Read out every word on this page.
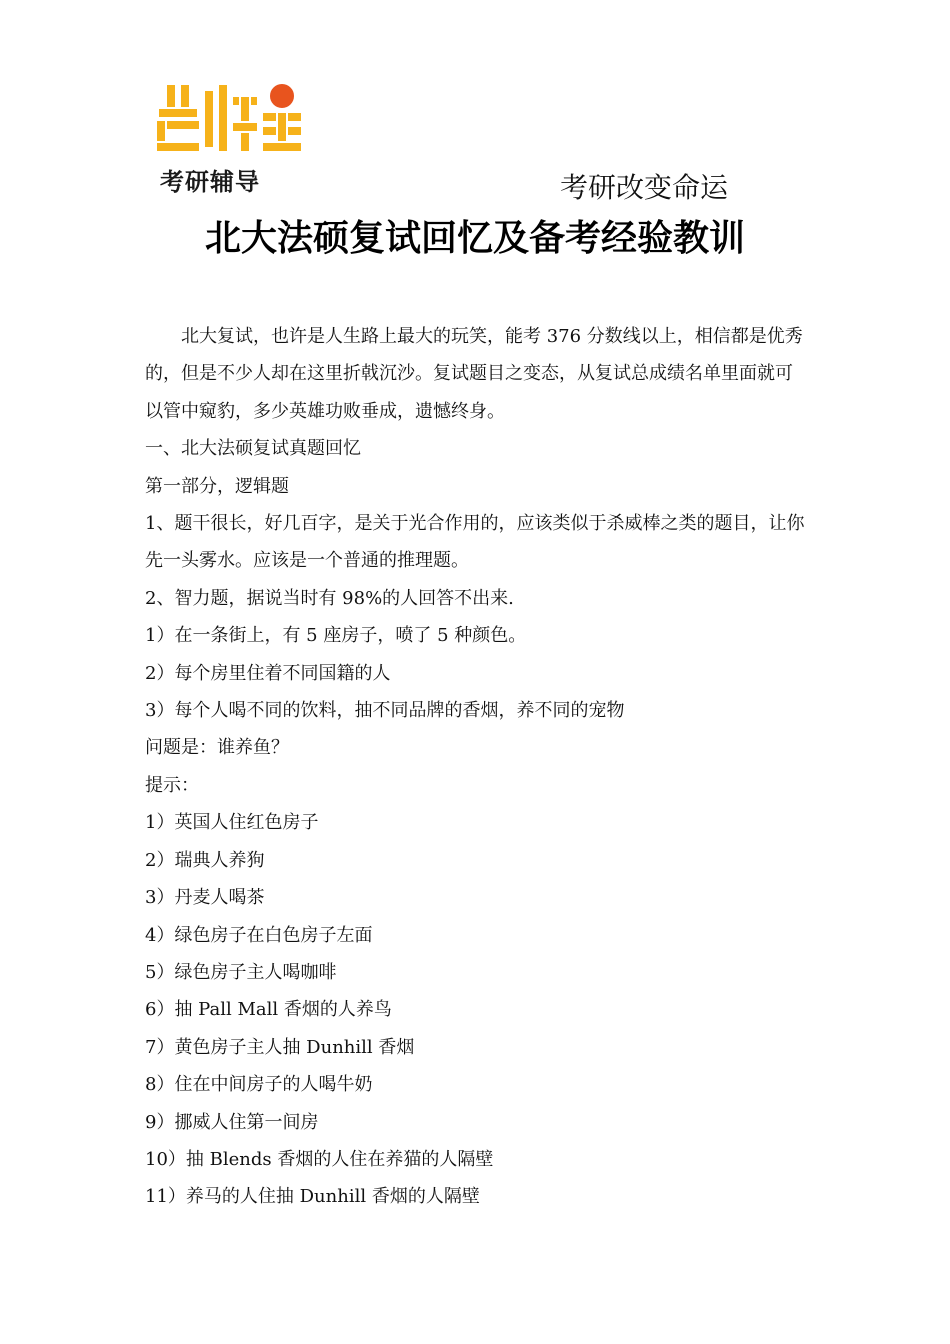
考研辅导	考研改变命运
北大法硕复试回忆及备考经验教训

北大复试，也许是人生路上最大的玩笑，能考 376 分数线以上，相信都是优秀的，但是不少人却在这里折戟沉沙。复试题目之变态，从复试总成绩名单里面就可以管中窥豹，多少英雄功败垂成，遗憾终身。

一、北大法硕复试真题回忆

第一部分，逻辑题

1、题干很长，好几百字，是关于光合作用的，应该类似于杀威棒之类的题目，让你先一头雾水。应该是一个普通的推理题。

2、智力题，据说当时有 98%的人回答不出来.

1）在一条街上，有 5 座房子，喷了 5 种颜色。

2）每个房里住着不同国籍的人

3）每个人喝不同的饮料，抽不同品牌的香烟，养不同的宠物

问题是：谁养鱼？

提示：

1）英国人住红色房子

2）瑞典人养狗

3）丹麦人喝茶

4）绿色房子在白色房子左面

5）绿色房子主人喝咖啡

6）抽 Pall Mall 香烟的人养鸟

7）黄色房子主人抽 Dunhill 香烟

8）住在中间房子的人喝牛奶

9）挪威人住第一间房

10）抽 Blends 香烟的人住在养猫的人隔壁

11）养马的人住抽 Dunhill 香烟的人隔壁
